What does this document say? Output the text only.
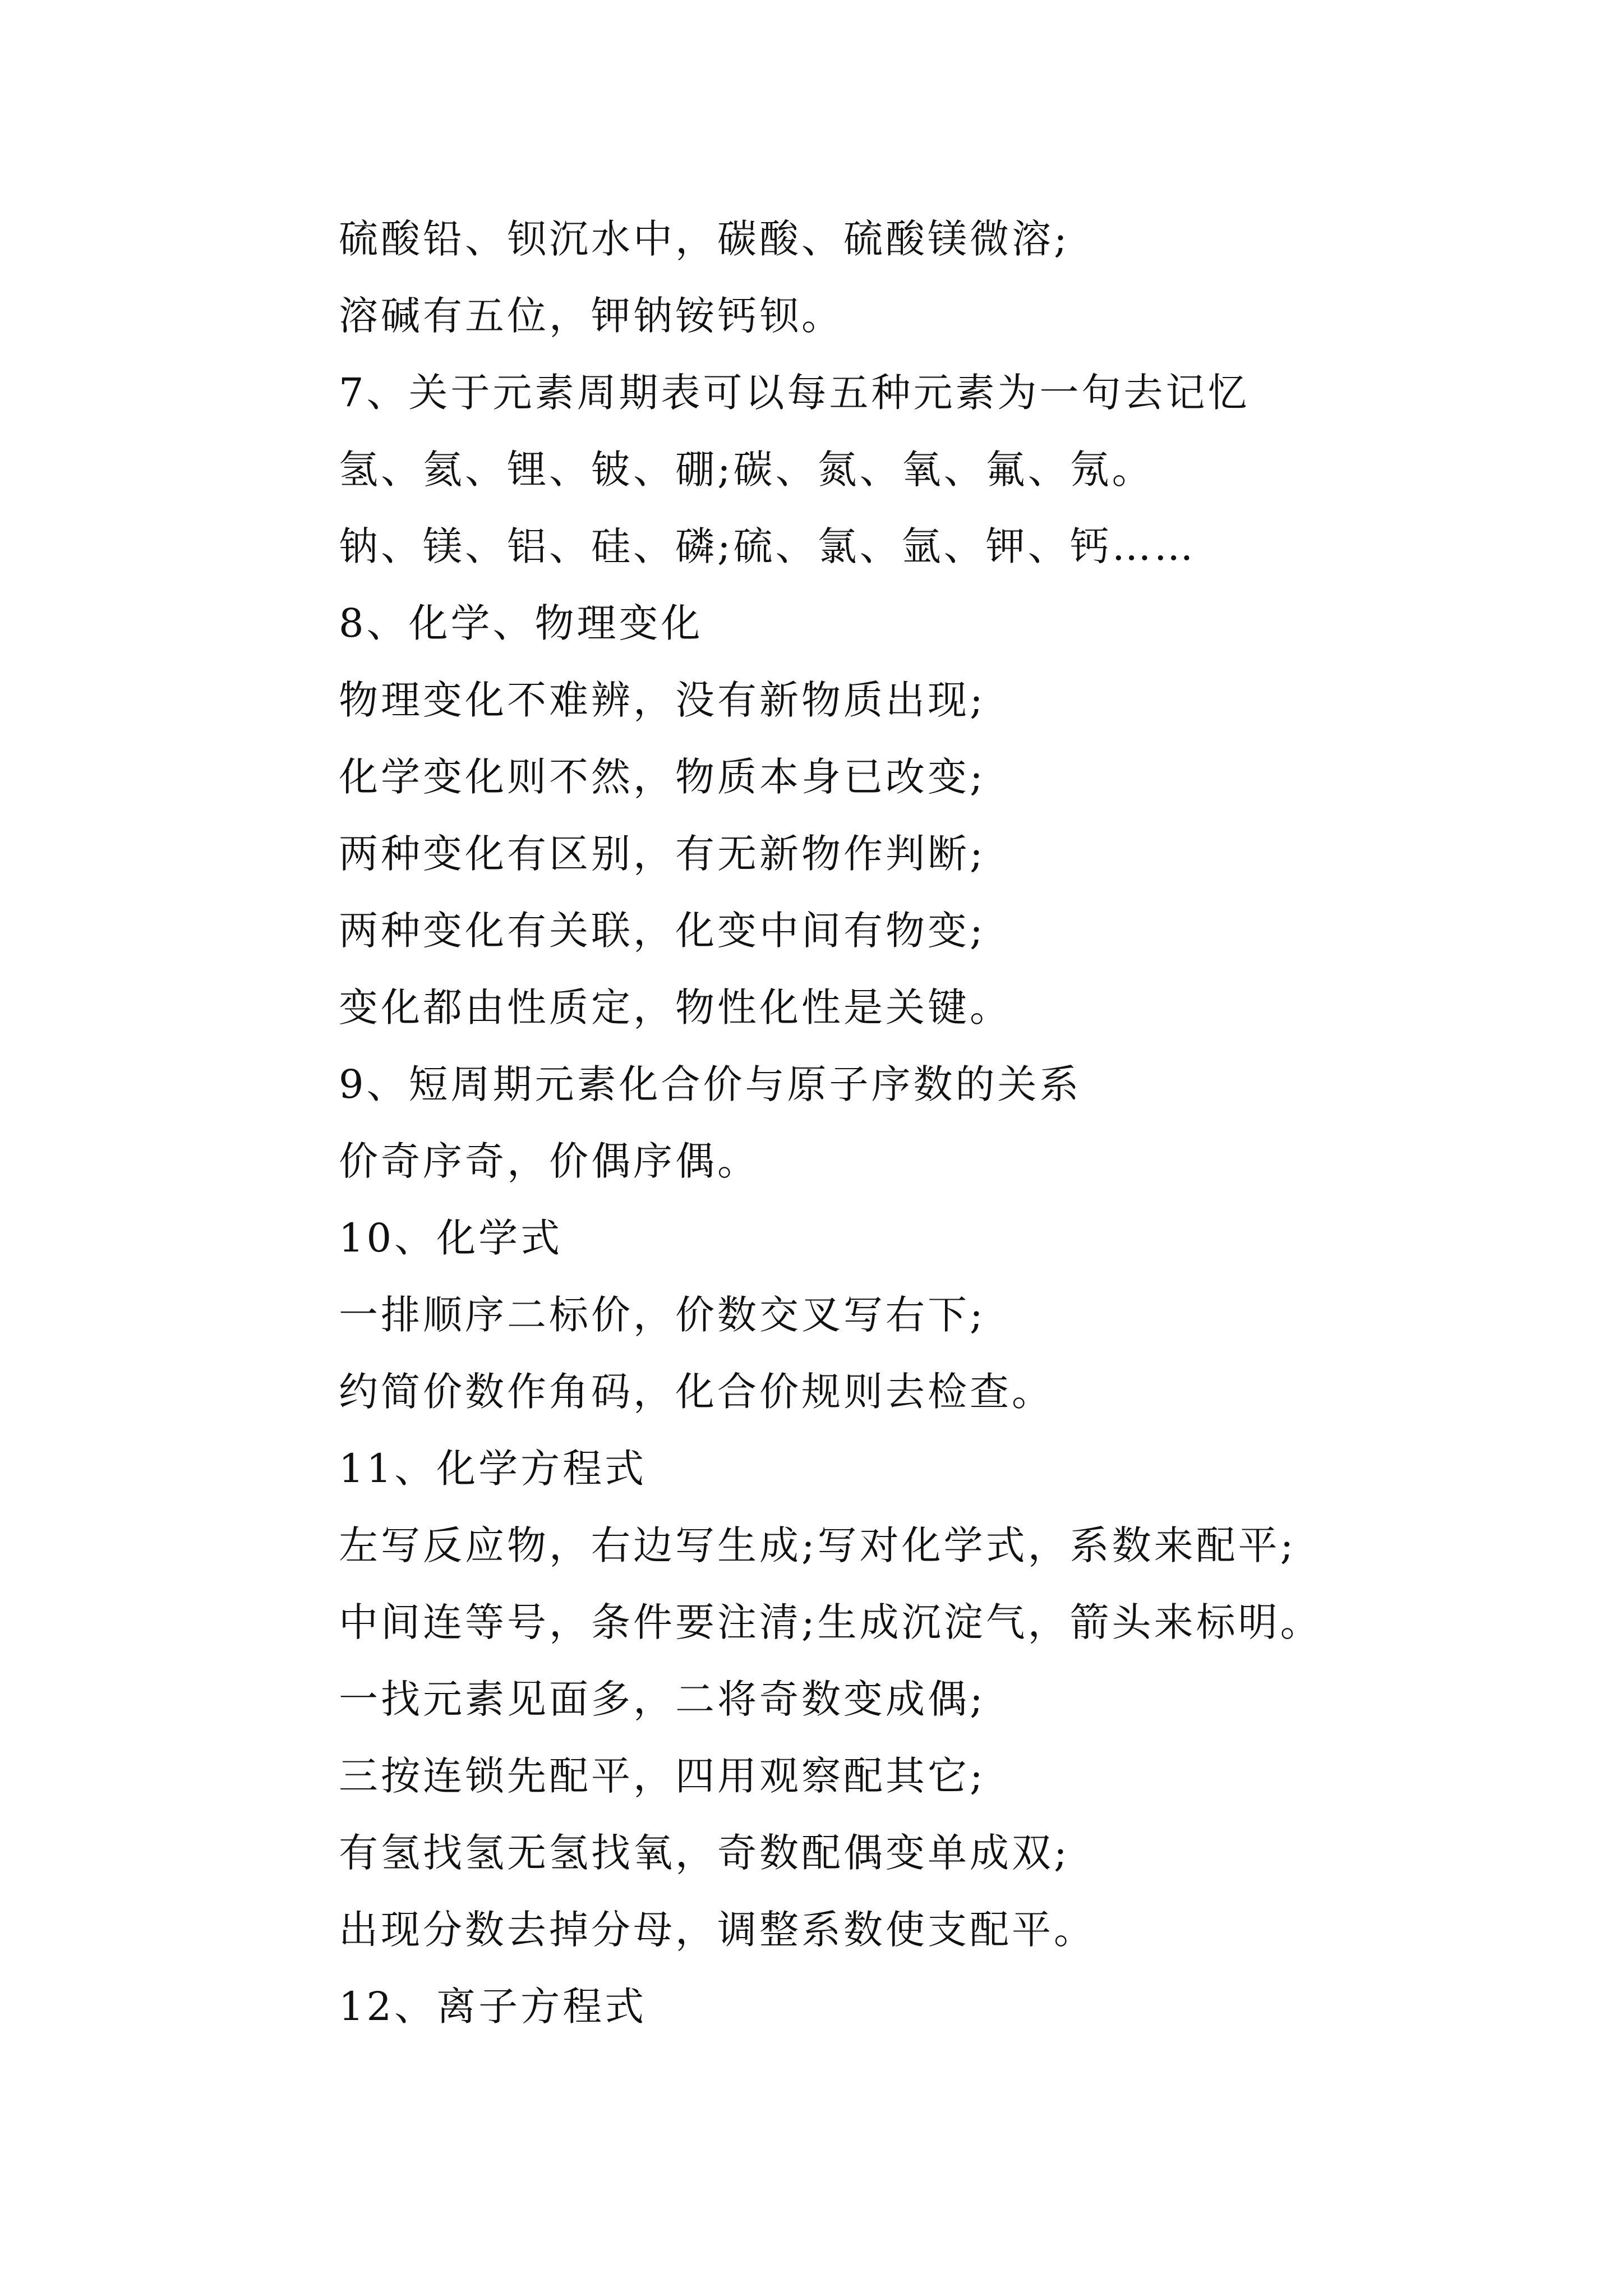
硫酸铅、钡沉水中，碳酸、硫酸镁微溶;
溶碱有五位，钾钠铵钙钡。
7、关于元素周期表可以每五种元素为一句去记忆
氢、氦、锂、铍、硼;碳、氮、氧、氟、氖。
钠、镁、铝、硅、磷;硫、氯、氩、钾、钙……
8、化学、物理变化
物理变化不难辨，没有新物质出现;
化学变化则不然，物质本身已改变;
两种变化有区别，有无新物作判断;
两种变化有关联，化变中间有物变;
变化都由性质定，物性化性是关键。
9、短周期元素化合价与原子序数的关系
价奇序奇，价偶序偶。
10、化学式
一排顺序二标价，价数交叉写右下;
约简价数作角码，化合价规则去检查。
11、化学方程式
左写反应物，右边写生成;写对化学式，系数来配平;
中间连等号，条件要注清;生成沉淀气，箭头来标明。
一找元素见面多，二将奇数变成偶;
三按连锁先配平，四用观察配其它;
有氢找氢无氢找氧，奇数配偶变单成双;
出现分数去掉分母，调整系数使支配平。
12、离子方程式
